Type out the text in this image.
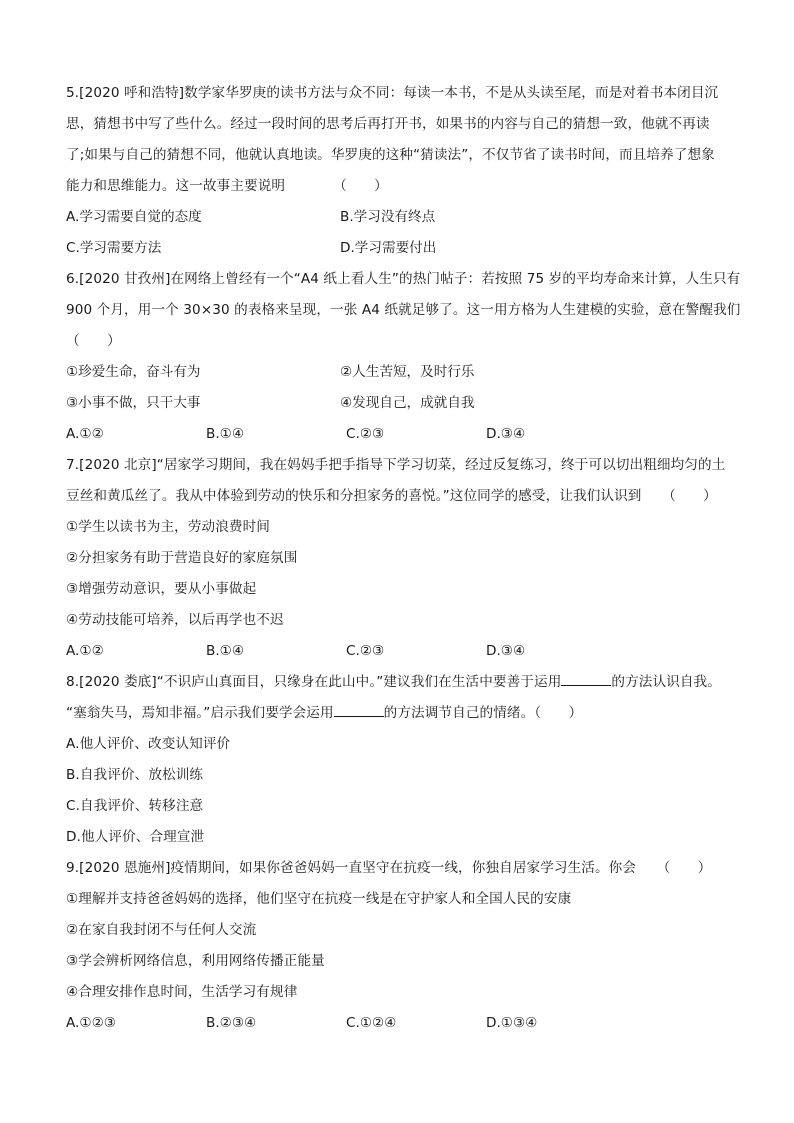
5.[2020 呼和浩特]数学家华罗庚的读书方法与众不同：每读一本书，不是从头读至尾，而是对着书本闭目沉
思，猜想书中写了些什么。经过一段时间的思考后再打开书，如果书的内容与自己的猜想一致，他就不再读
了;如果与自己的猜想不同，他就认真地读。华罗庚的这种“猜读法”，不仅节省了读书时间，而且培养了想象
能力和思维能力。这一故事主要说明　　　　（　　）
A.学习需要自觉的态度	B.学习没有终点
C.学习需要方法	D.学习需要付出
6.[2020 甘孜州]在网络上曾经有一个“A4 纸上看人生”的热门帖子：若按照 75 岁的平均寿命来计算，人生只有
900 个月，用一个 30×30 的表格来呈现，一张 A4 纸就足够了。这一用方格为人生建模的实验，意在警醒我们
（　　）
①珍爱生命，奋斗有为	②人生苦短，及时行乐
③小事不做，只干大事	④发现自己，成就自我
A.①②	B.①④	C.②③	D.③④
7.[2020 北京]“居家学习期间，我在妈妈手把手指导下学习切菜，经过反复练习，终于可以切出粗细均匀的土
豆丝和黄瓜丝了。我从中体验到劳动的快乐和分担家务的喜悦。”这位同学的感受，让我们认识到　　（　　）
①学生以读书为主，劳动浪费时间
②分担家务有助于营造良好的家庭氛围
③增强劳动意识，要从小事做起
④劳动技能可培养，以后再学也不迟
A.①②	B.①④	C.②③	D.③④
8.[2020 娄底]“不识庐山真面目，只缘身在此山中。”建议我们在生活中要善于运用	的方法认识自我。
“塞翁失马，焉知非福。”启示我们要学会运用	的方法调节自己的情绪。（　　）
A.他人评价、改变认知评价
B.自我评价、放松训练
C.自我评价、转移注意
D.他人评价、合理宣泄
9.[2020 恩施州]疫情期间，如果你爸爸妈妈一直坚守在抗疫一线，你独自居家学习生活。你会　　（　　）
①理解并支持爸爸妈妈的选择，他们坚守在抗疫一线是在守护家人和全国人民的安康
②在家自我封闭不与任何人交流
③学会辨析网络信息，利用网络传播正能量
④合理安排作息时间，生活学习有规律
A.①②③	B.②③④	C.①②④	D.①③④
